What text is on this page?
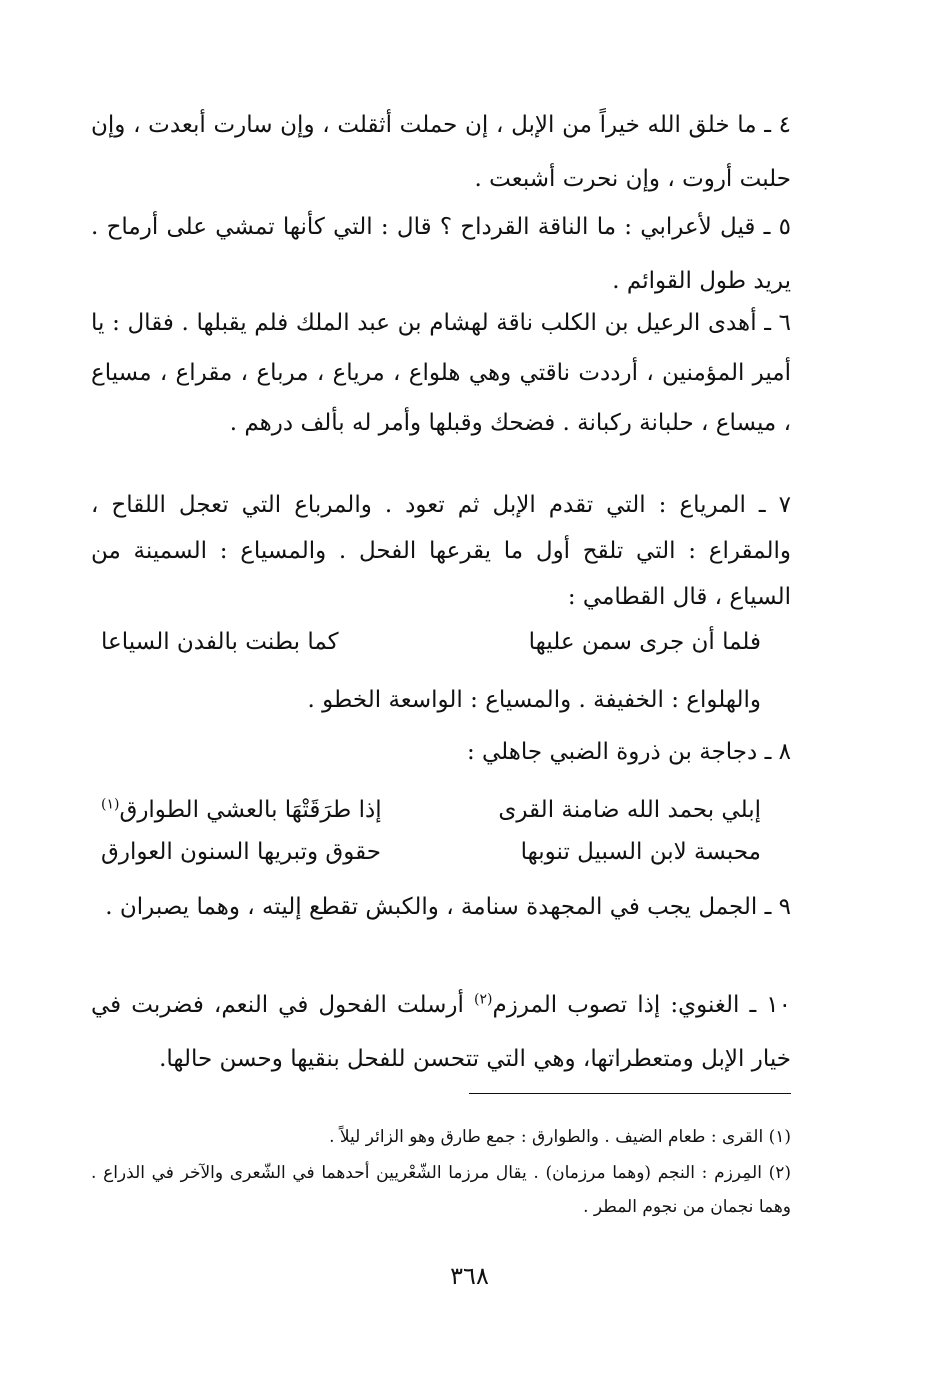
٤ ـ ما خلق الله خيراً من الإبل ، إن حملت أثقلت ، وإن سارت أبعدت ، وإن حلبت أروت ، وإن نحرت أشبعت .

٥ ـ قيل لأعرابي : ما الناقة القرداح ؟ قال : التي كأنها تمشي على أرماح . يريد طول القوائم .

٦ ـ أهدى الرعيل بن الكلب ناقة لهشام بن عبد الملك فلم يقبلها . فقال : يا أمير المؤمنين ، أرددت ناقتي وهي هلواع ، مرياع ، مرباع ، مقراع ، مسياع ، ميساع ، حلبانة ركبانة . فضحك وقبلها وأمر له بألف درهم .

٧ ـ المرياع : التي تقدم الإبل ثم تعود . والمرباع التي تعجل اللقاح ، والمقراع : التي تلقح أول ما يقرعها الفحل . والمسياع : السمينة من السياع ، قال القطامي :

فلما أن جرى سمن عليها
كما بطنت بالفدن السياعا
والهلواع : الخفيفة . والمسياع : الواسعة الخطو .
٨ ـ دجاجة بن ذروة الضبي جاهلي :
إبلي بحمد الله ضامنة القرى
إذا طرَقَتْهَا بالعشي الطوارق$^{(١)}$
محبسة لابن السبيل تنوبها
حقوق وتبريها السنون العوارق

٩ ـ الجمل يجب في المجهدة سنامة ، والكبش تقطع إليته ، وهما يصبران .

١٠ ـ الغنوي: إذا تصوب المرزم$^{(٢)}$ أرسلت الفحول في النعم، فضربت في خيار الإبل ومتعطراتها، وهي التي تتحسن للفحل بنقيها وحسن حالها.

(١) القرى : طعام الضيف . والطوارق : جمع طارق وهو الزائر ليلاً .

(٢) المِرزم : النجم (وهما مرزمان) . يقال مرزما الشّعْريين أحدهما في الشّعرى والآخر في الذراع . وهما نجمان من نجوم المطر .

٣٦٨
